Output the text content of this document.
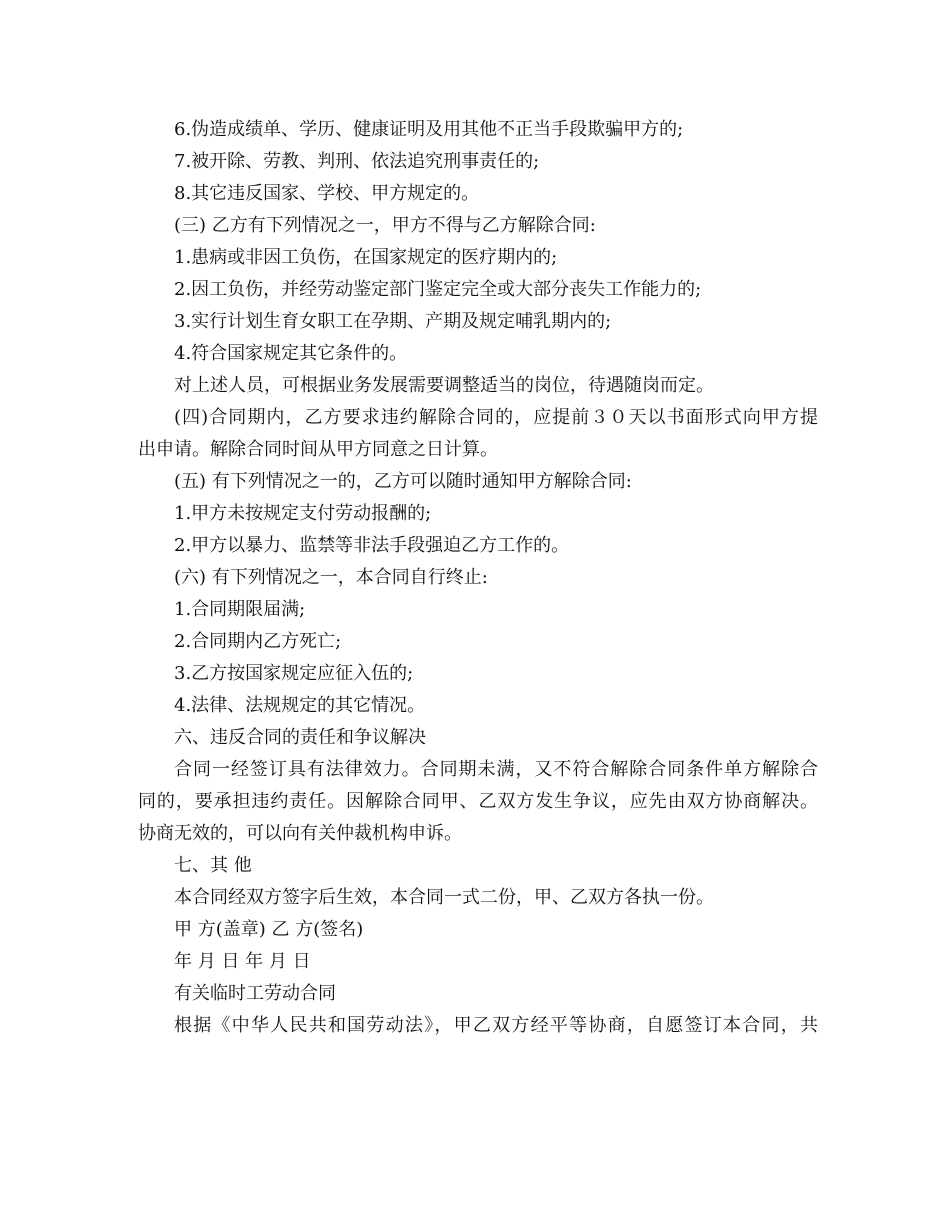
6.伪造成绩单、学历、健康证明及用其他不正当手段欺骗甲方的;
7.被开除、劳教、判刑、依法追究刑事责任的;
8.其它违反国家、学校、甲方规定的。
(三) 乙方有下列情况之一，甲方不得与乙方解除合同:
1.患病或非因工负伤，在国家规定的医疗期内的;
2.因工负伤，并经劳动鉴定部门鉴定完全或大部分丧失工作能力的;
3.实行计划生育女职工在孕期、产期及规定哺乳期内的;
4.符合国家规定其它条件的。
对上述人员，可根据业务发展需要调整适当的岗位，待遇随岗而定。
(四)合同期内，乙方要求违约解除合同的，应提前３０天以书面形式向甲方提
出申请。解除合同时间从甲方同意之日计算。
(五) 有下列情况之一的，乙方可以随时通知甲方解除合同:
1.甲方未按规定支付劳动报酬的;
2.甲方以暴力、监禁等非法手段强迫乙方工作的。
(六) 有下列情况之一，本合同自行终止:
1.合同期限届满;
2.合同期内乙方死亡;
3.乙方按国家规定应征入伍的;
4.法律、法规规定的其它情况。
六、违反合同的责任和争议解决
合同一经签订具有法律效力。合同期未满，又不符合解除合同条件单方解除合
同的，要承担违约责任。因解除合同甲、乙双方发生争议，应先由双方协商解决。
协商无效的，可以向有关仲裁机构申诉。
七、其 他
本合同经双方签字后生效，本合同一式二份，甲、乙双方各执一份。
甲 方(盖章) 乙 方(签名)
年 月 日 年 月 日
有关临时工劳动合同
根据《中华人民共和国劳动法》，甲乙双方经平等协商，自愿签订本合同，共
